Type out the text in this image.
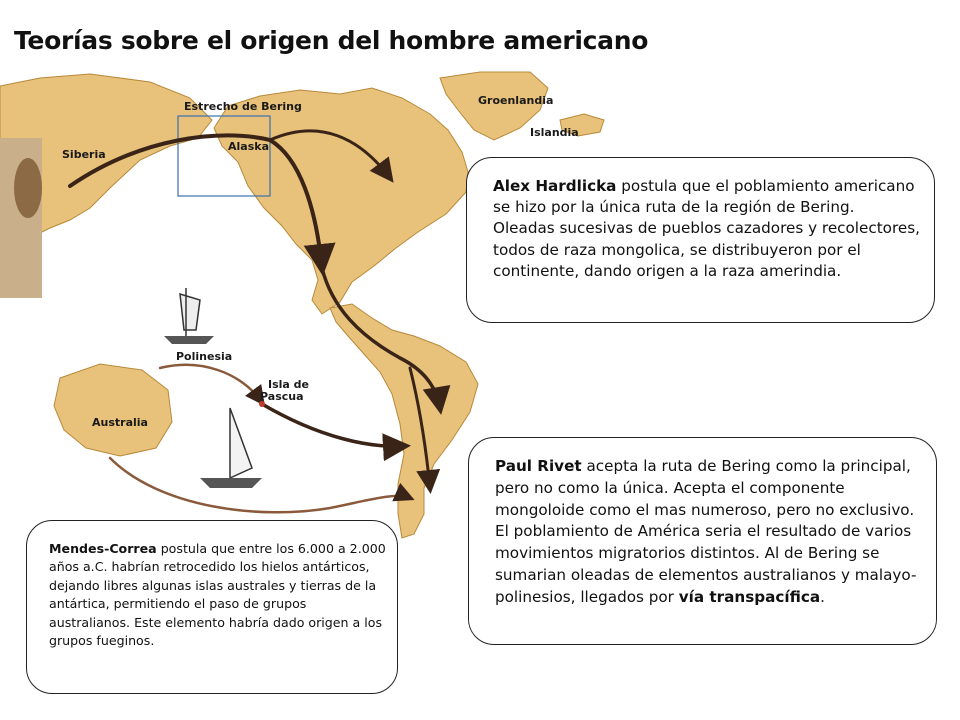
Teorías sobre el origen del hombre americano
Estrecho de Bering
Siberia
Alaska
Groenlandia
Islandia
Polinesia
Isla de
Pascua
Australia
Alex Hardlicka postula que el poblamiento americano se hizo por la única ruta de la región de Bering. Oleadas sucesivas de pueblos cazadores y recolectores, todos de raza mongolica, se distribuyeron por el continente, dando origen a la raza amerindia.
Paul Rivet acepta la ruta de Bering como la principal, pero no como la única. Acepta el componente mongoloide como el mas numeroso, pero no exclusivo. El poblamiento de América seria el resultado de varios movimientos migratorios distintos. Al de Bering se sumarian oleadas de elementos australianos y malayo-polinesios, llegados por vía transpacífica.
Mendes-Correa postula que entre los 6.000 a 2.000 años a.C. habrían retrocedido los hielos antárticos, dejando libres algunas islas australes y tierras de la antártica, permitiendo el paso de grupos australianos. Este elemento habría dado origen a los grupos fueginos.
